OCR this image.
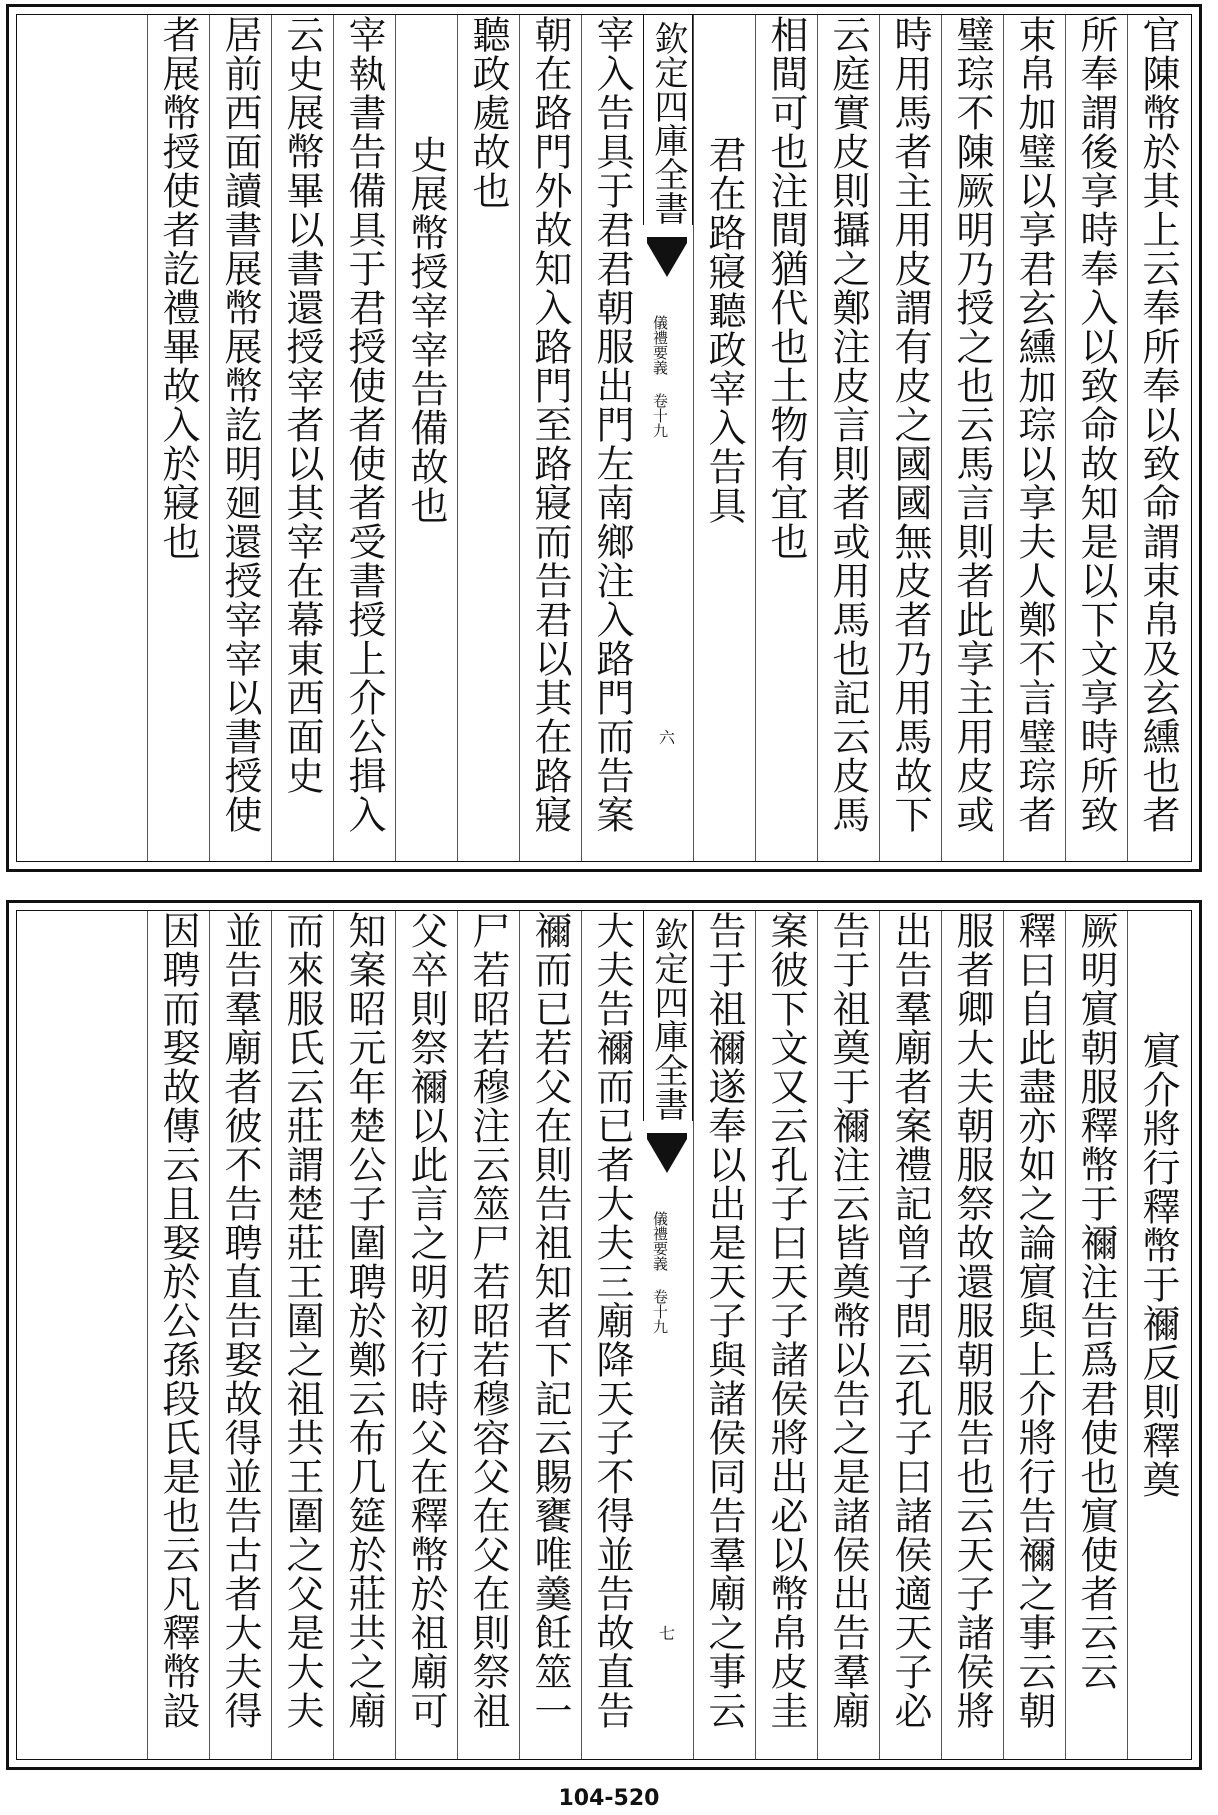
官陳幣於其上云奉所奉以致命謂束帛及玄纁也者
所奉謂後享時奉入以致命故知是以下文享時所致
束帛加璧以享君玄纁加琮以享夫人鄭不言璧琮者
璧琮不陳厥明乃授之也云馬言則者此享主用皮或
時用馬者主用皮謂有皮之國國無皮者乃用馬故下
云庭實皮則攝之鄭注皮言則者或用馬也記云皮馬
相間可也注間猶代也土物有宜也
君在路寢聽政宰入告具
欽定四庫全書
儀禮要義 卷十九
六
宰入告具于君君朝服出門左南鄉注入路門而告案
朝在路門外故知入路門至路寢而告君以其在路寢
聽政處故也
史展幣授宰宰告備故也
宰執書告備具于君授使者使者受書授上介公揖入
云史展幣畢以書還授宰者以其宰在幕東西面史
居前西面讀書展幣展幣訖明廻還授宰宰以書授使
者展幣授使者訖禮畢故入於寢也
賔介將行釋幣于禰反則釋奠
厥明賔朝服釋幣于禰注告爲君使也賔使者云云
釋曰自此盡亦如之論賔與上介將行告禰之事云朝
服者卿大夫朝服祭故還服朝服告也云天子諸侯將
出告羣廟者案禮記曾子問云孔子曰諸侯適天子必
告于祖奠于禰注云皆奠幣以告之是諸侯出告羣廟
案彼下文又云孔子曰天子諸侯將出必以幣帛皮圭
告于祖禰遂奉以出是天子與諸侯同告羣廟之事云
欽定四庫全書
儀禮要義 卷十九
七
大夫告禰而已者大夫三廟降天子不得並告故直告
禰而已若父在則告祖知者下記云賜饔唯羹飪筮一
尸若昭若穆注云筮尸若昭若穆容父在父在則祭祖
父卒則祭禰以此言之明初行時父在釋幣於祖廟可
知案昭元年楚公子圍聘於鄭云布几筵於莊共之廟
而來服氏云莊謂楚莊王圍之祖共王圍之父是大夫
並告羣廟者彼不告聘直告娶故得並告古者大夫得
因聘而娶故傳云且娶於公孫段氏是也云凡釋幣設
104-520
